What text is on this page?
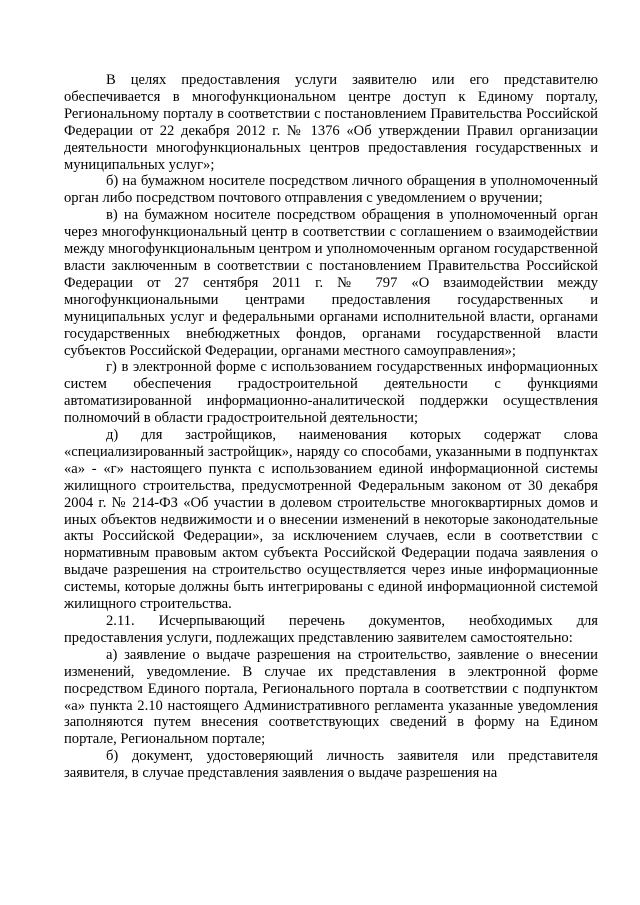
В целях предоставления услуги заявителю или его представителю обеспечивается в многофункциональном центре доступ к Единому порталу, Региональному порталу в соответствии с постановлением Правительства Российской Федерации от 22 декабря 2012 г. № 1376 «Об утверждении Правил организации деятельности многофункциональных центров предоставления государственных и муниципальных услуг»;

б) на бумажном носителе посредством личного обращения в уполномоченный орган либо посредством почтового отправления с уведомлением о вручении;

в) на бумажном носителе посредством обращения в уполномоченный орган через многофункциональный центр в соответствии с соглашением о взаимодействии между многофункциональным центром и уполномоченным органом государственной власти заключенным в соответствии с постановлением Правительства Российской Федерации от 27 сентября 2011 г. № 797 «О взаимодействии между многофункциональными центрами предоставления государственных и муниципальных услуг и федеральными органами исполнительной власти, органами государственных внебюджетных фондов, органами государственной власти субъектов Российской Федерации, органами местного самоуправления»;

г) в электронной форме с использованием государственных информационных систем обеспечения градостроительной деятельности с функциями автоматизированной информационно-аналитической поддержки осуществления полномочий в области градостроительной деятельности;

д) для застройщиков, наименования которых содержат слова «специализированный застройщик», наряду со способами, указанными в подпунктах «а» - «г» настоящего пункта с использованием единой информационной системы жилищного строительства, предусмотренной Федеральным законом от 30 декабря 2004 г. № 214-ФЗ «Об участии в долевом строительстве многоквартирных домов и иных объектов недвижимости и о внесении изменений в некоторые законодательные акты Российской Федерации», за исключением случаев, если в соответствии с нормативным правовым актом субъекта Российской Федерации подача заявления о выдаче разрешения на строительство осуществляется через иные информационные системы, которые должны быть интегрированы с единой информационной системой жилищного строительства.

2.11. Исчерпывающий перечень документов, необходимых для предоставления услуги, подлежащих представлению заявителем самостоятельно:

а) заявление о выдаче разрешения на строительство, заявление о внесении изменений, уведомление. В случае их представления в электронной форме посредством Единого портала, Регионального портала в соответствии с подпунктом «а» пункта 2.10 настоящего Административного регламента указанные уведомления заполняются путем внесения соответствующих сведений в форму на Едином портале, Региональном портале;

б) документ, удостоверяющий личность заявителя или представителя заявителя, в случае представления заявления о выдаче разрешения на
